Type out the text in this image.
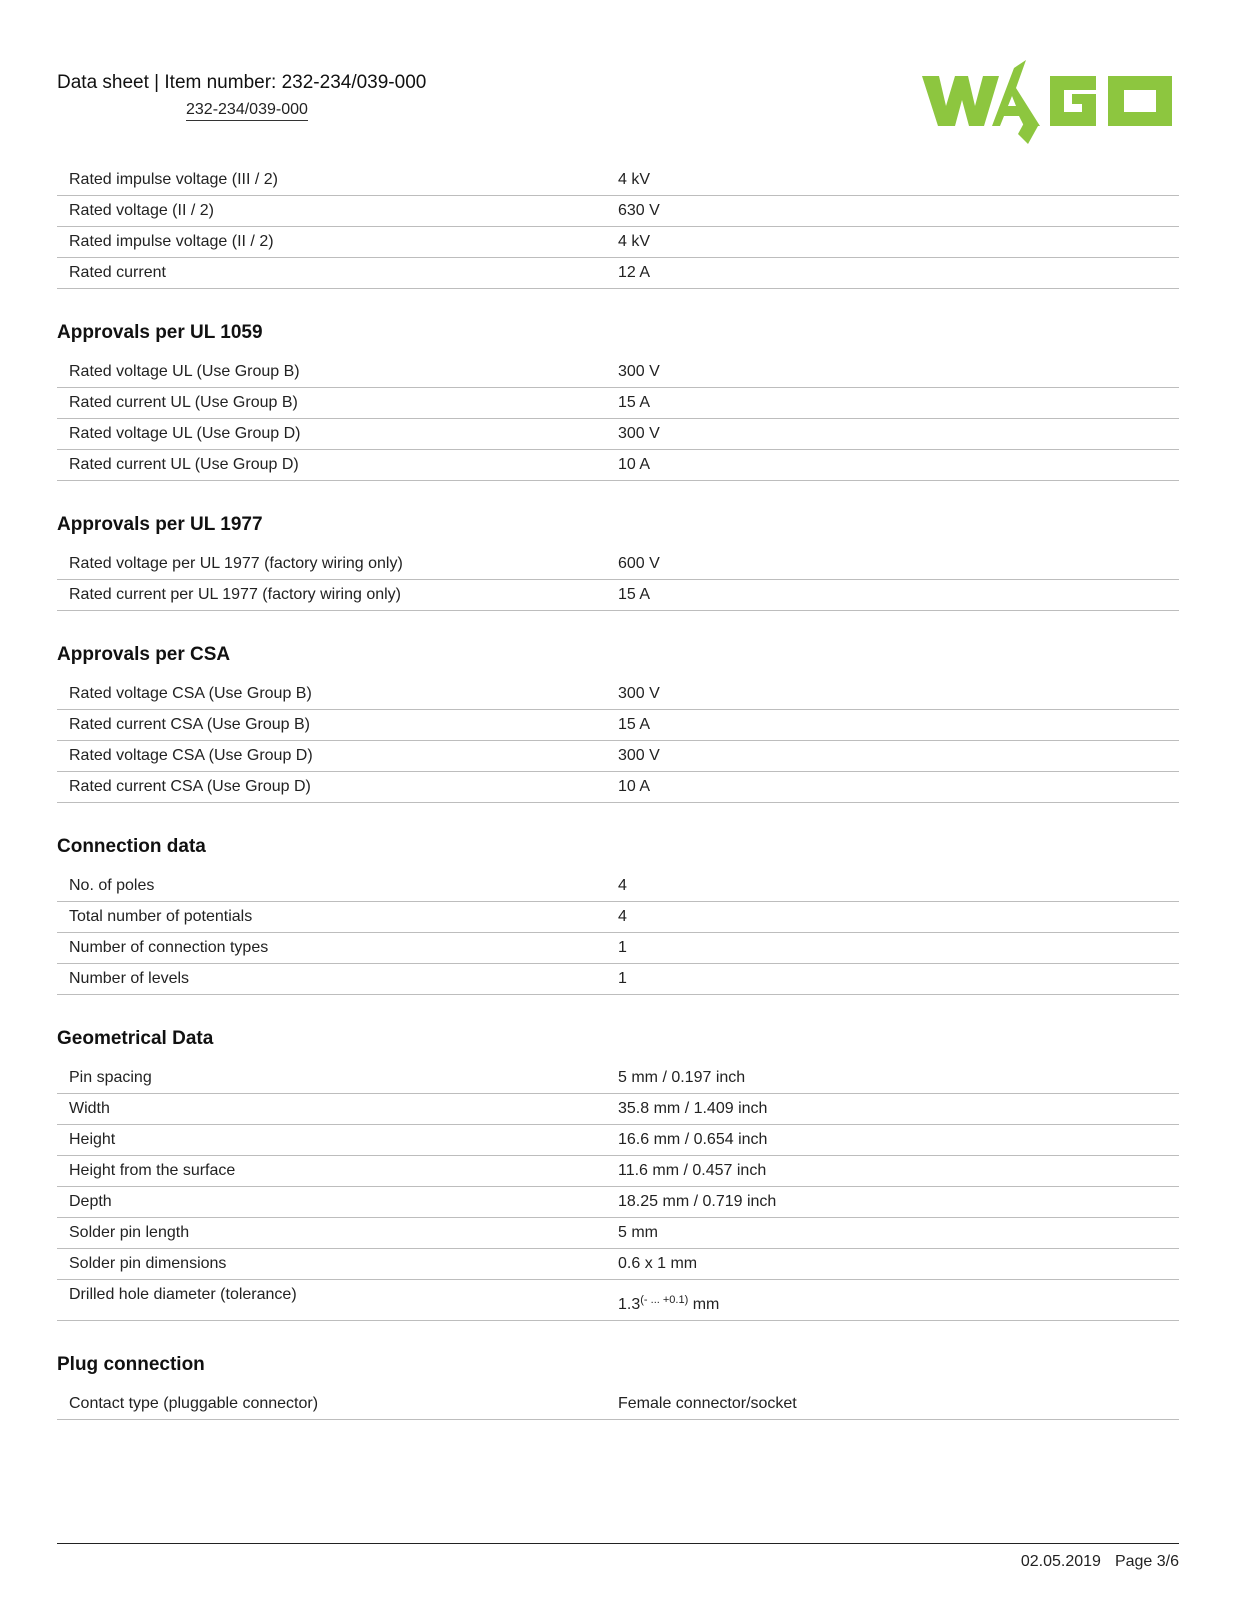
Data sheet | Item number: 232-234/039-000
232-234/039-000
Rated impulse voltage (III / 2)	4 kV
Rated voltage (II / 2)	630 V
Rated impulse voltage (II / 2)	4 kV
Rated current	12 A
Approvals per UL 1059
Rated voltage UL (Use Group B)	300 V
Rated current UL (Use Group B)	15 A
Rated voltage UL (Use Group D)	300 V
Rated current UL (Use Group D)	10 A
Approvals per UL 1977
Rated voltage per UL 1977 (factory wiring only)	600 V
Rated current per UL 1977 (factory wiring only)	15 A
Approvals per CSA
Rated voltage CSA (Use Group B)	300 V
Rated current CSA (Use Group B)	15 A
Rated voltage CSA (Use Group D)	300 V
Rated current CSA (Use Group D)	10 A
Connection data
No. of poles	4
Total number of potentials	4
Number of connection types	1
Number of levels	1
Geometrical Data
Pin spacing	5 mm / 0.197 inch
Width	35.8 mm / 1.409 inch
Height	16.6 mm / 0.654 inch
Height from the surface	11.6 mm / 0.457 inch
Depth	18.25 mm / 0.719 inch
Solder pin length	5 mm
Solder pin dimensions	0.6 x 1 mm
Drilled hole diameter (tolerance)	$1.3^{(- ... +0.1)}$ mm
Plug connection
Contact type (pluggable connector)	Female connector/socket
02.05.2019 Page 3/6
